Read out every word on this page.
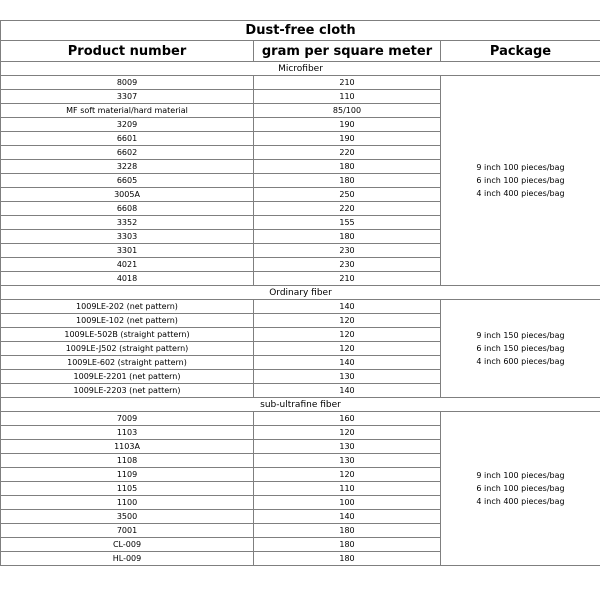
Dust-free cloth		
Product number	gram per square meter	Package
Microfiber		
8009	210	9 inch 100 pieces/bag
6 inch 100 pieces/bag
4 inch 400 pieces/bag

3307	110	
MF soft material/hard material	85/100	
3209	190	
6601	190	
6602	220	
3228	180	
6605	180	
3005A	250	
6608	220	
3352	155	
3303	180	
3301	230	
4021	230	
4018	210	
Ordinary fiber		
1009LE-202 (net pattern)	140	9 inch 150 pieces/bag
6 inch 150 pieces/bag
4 inch 600 pieces/bag

1009LE-102 (net pattern)	120	
1009LE-502B (straight pattern)	120	
1009LE-J502 (straight pattern)	120	
1009LE-602 (straight pattern)	140	
1009LE-2201 (net pattern)	130	
1009LE-2203 (net pattern)	140	
sub-ultrafine fiber		
7009	160	9 inch 100 pieces/bag
6 inch 100 pieces/bag
4 inch 400 pieces/bag

1103	120	
1103A	130	
1108	130	
1109	120	
1105	110	
1100	100	
3500	140	
7001	180	
CL-009	180	
HL-009	180	
